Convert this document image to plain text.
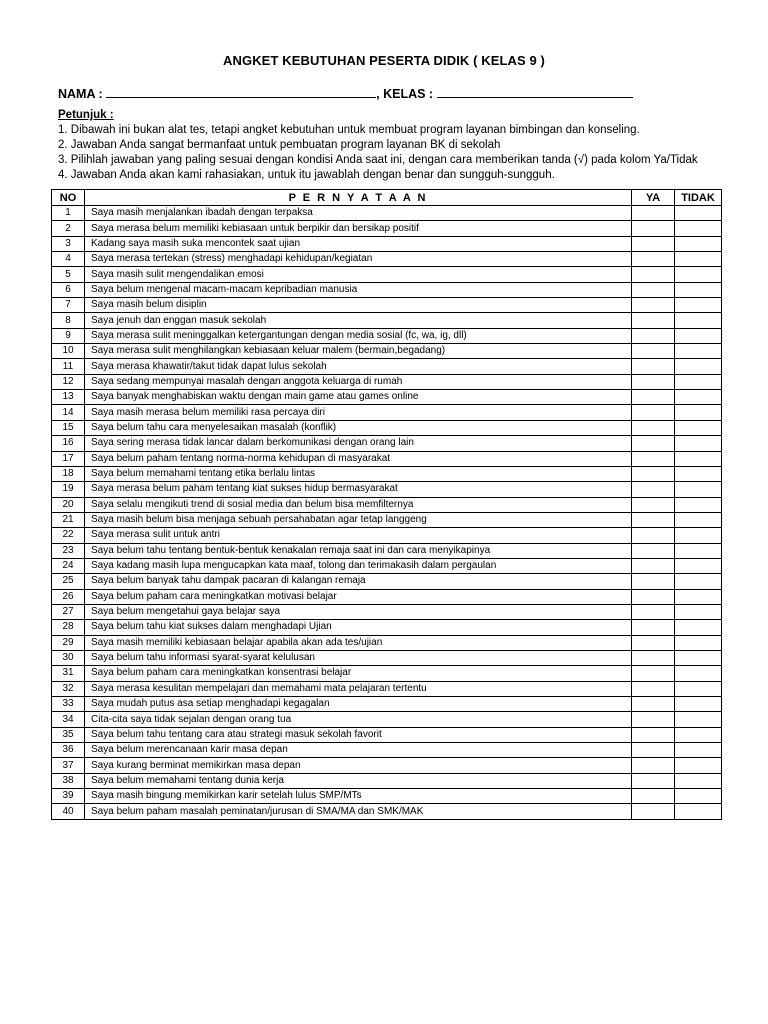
ANGKET KEBUTUHAN PESERTA DIDIK ( KELAS 9 )
NAMA :	, KELAS :
Petunjuk :
1. Dibawah ini bukan alat tes, tetapi angket kebutuhan untuk membuat program layanan bimbingan dan konseling.
2. Jawaban Anda sangat bermanfaat untuk pembuatan program layanan BK di sekolah
3. Pilihlah jawaban yang paling sesuai dengan kondisi Anda saat ini, dengan cara memberikan tanda (√) pada kolom Ya/Tidak
4. Jawaban Anda akan kami rahasiakan, untuk itu jawablah dengan benar dan sungguh-sungguh.
NO	P E R N Y A T A A N	YA	TIDAK
1	Saya masih menjalankan ibadah dengan terpaksa		
2	Saya merasa belum memiliki kebiasaan untuk berpikir dan bersikap positif		
3	Kadang saya masih suka mencontek saat ujian		
4	Saya merasa tertekan (stress) menghadapi kehidupan/kegiatan		
5	Saya masih sulit mengendalikan emosi		
6	Saya belum mengenal macam-macam kepribadian manusia		
7	Saya masih belum disiplin		
8	Saya jenuh dan enggan masuk sekolah		
9	Saya merasa sulit meninggalkan ketergantungan dengan media sosial (fc, wa, ig, dll)		
10	Saya merasa sulit menghilangkan kebiasaan keluar malem (bermain,begadang)		
11	Saya merasa khawatir/takut tidak dapat lulus sekolah		
12	Saya sedang mempunyai masalah dengan anggota keluarga di rumah		
13	Saya banyak menghabiskan waktu dengan main game atau games online		
14	Saya masih merasa belum memiliki rasa percaya diri		
15	Saya belum tahu cara menyelesaikan masalah (konflik)		
16	Saya sering merasa tidak lancar dalam berkomunikasi dengan orang lain		
17	Saya belum paham tentang norma-norma kehidupan di masyarakat		
18	Saya belum memahami tentang etika berlalu lintas		
19	Saya merasa belum paham tentang kiat sukses hidup bermasyarakat		
20	Saya selalu mengikuti trend di sosial media dan belum bisa memfilternya		
21	Saya masih belum bisa menjaga sebuah persahabatan agar tetap langgeng		
22	Saya merasa sulit untuk antri		
23	Saya belum tahu tentang bentuk-bentuk kenakalan remaja saat ini dan cara menyikapinya		
24	Saya kadang masih lupa mengucapkan kata maaf, tolong dan terimakasih dalam pergaulan		
25	Saya belum banyak tahu dampak pacaran di kalangan remaja		
26	Saya belum paham cara meningkatkan motivasi belajar		
27	Saya belum mengetahui gaya belajar saya		
28	Saya belum tahu kiat sukses dalam menghadapi Ujian		
29	Saya masih memiliki kebiasaan belajar apabila akan ada tes/ujian		
30	Saya belum tahu informasi syarat-syarat kelulusan		
31	Saya belum paham cara meningkatkan konsentrasi belajar		
32	Saya merasa kesulitan mempelajari dan memahami mata pelajaran tertentu		
33	Saya mudah putus asa setiap menghadapi kegagalan		
34	Cita-cita saya tidak sejalan dengan orang tua		
35	Saya belum tahu tentang cara atau strategi masuk sekolah favorit		
36	Saya belum merencanaan karir masa depan		
37	Saya kurang berminat memikirkan masa depan		
38	Saya belum memahami tentang dunia kerja		
39	Saya masih bingung memikirkan karir setelah lulus SMP/MTs		
40	Saya belum paham masalah peminatan/jurusan di SMA/MA dan SMK/MAK		
